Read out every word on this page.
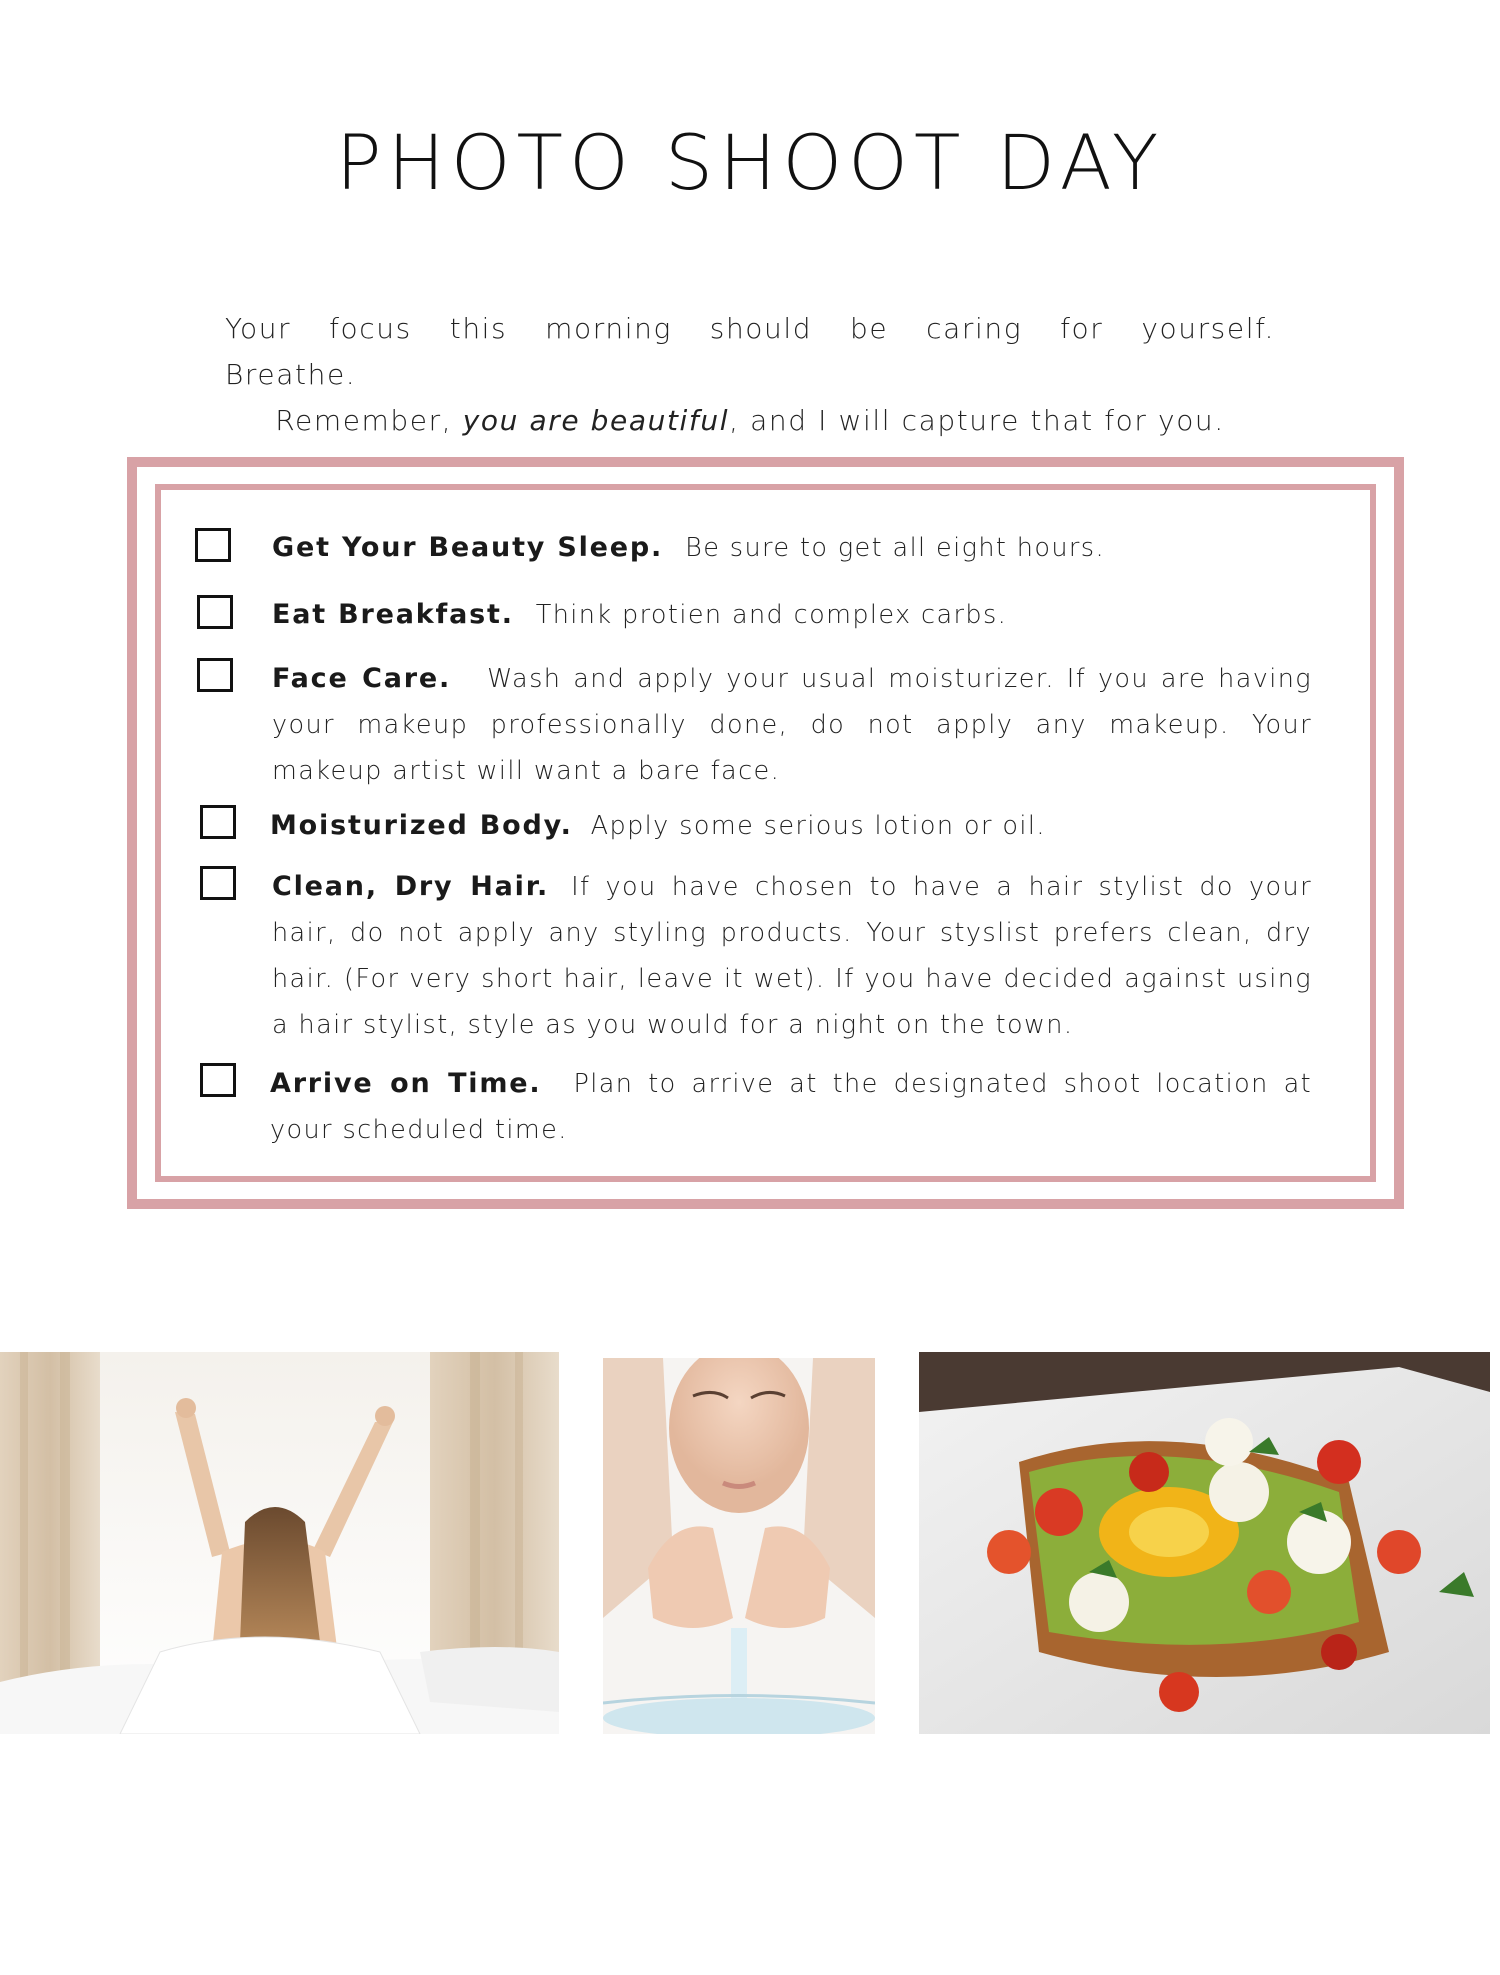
PHOTO SHOOT DAY
Your focus this morning should be caring for yourself. Breathe.
Remember, you are beautiful, and I will capture that for you.
Get Your Beauty Sleep. Be sure to get all eight hours.
Eat Breakfast. Think protien and complex carbs.
Face Care. Wash and apply your usual moisturizer. If you are having your makeup professionally done, do not apply any makeup. Your makeup artist will want a bare face.
Moisturized Body. Apply some serious lotion or oil.
Clean, Dry Hair. If you have chosen to have a hair stylist do your hair, do not apply any styling products. Your styslist prefers clean, dry hair. (For very short hair, leave it wet). If you have decided against using a hair stylist, style as you would for a night on the town.
Arrive on Time. Plan to arrive at the designated shoot location at your scheduled time.
